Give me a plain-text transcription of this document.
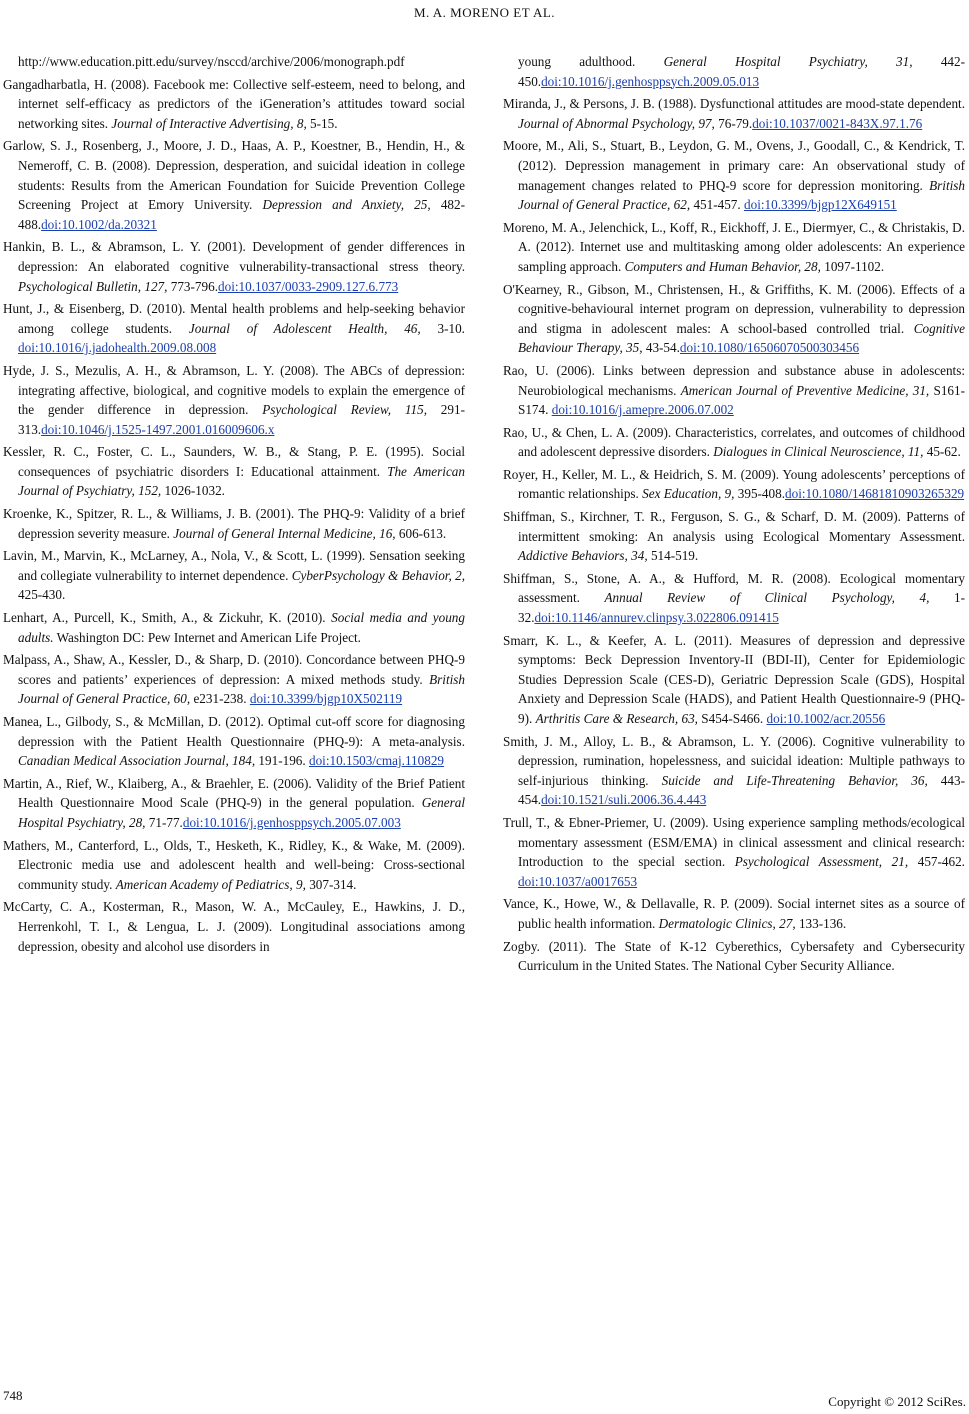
M. A. MORENO ET AL.

http://www.education.pitt.edu/survey/nsccd/archive/2006/monograph.pdf

Gangadharbatla, H. (2008). Facebook me: Collective self-esteem, need to belong, and internet self-efficacy as predictors of the iGeneration’s attitudes toward social networking sites. Journal of Interactive Advertising, 8, 5-15.

Garlow, S. J., Rosenberg, J., Moore, J. D., Haas, A. P., Koestner, B., Hendin, H., & Nemeroff, C. B. (2008). Depression, desperation, and suicidal ideation in college students: Results from the American Foundation for Suicide Prevention College Screening Project at Emory University. Depression and Anxiety, 25, 482-488.doi:10.1002/da.20321

Hankin, B. L., & Abramson, L. Y. (2001). Development of gender differences in depression: An elaborated cognitive vulnerability-transactional stress theory. Psychological Bulletin, 127, 773-796.doi:10.1037/0033-2909.127.6.773

Hunt, J., & Eisenberg, D. (2010). Mental health problems and help-seeking behavior among college students. Journal of Adolescent Health, 46, 3-10. doi:10.1016/j.jadohealth.2009.08.008

Hyde, J. S., Mezulis, A. H., & Abramson, L. Y. (2008). The ABCs of depression: integrating affective, biological, and cognitive models to explain the emergence of the gender difference in depression. Psychological Review, 115, 291-313.doi:10.1046/j.1525-1497.2001.016009606.x

Kessler, R. C., Foster, C. L., Saunders, W. B., & Stang, P. E. (1995). Social consequences of psychiatric disorders I: Educational attainment. The American Journal of Psychiatry, 152, 1026-1032.

Kroenke, K., Spitzer, R. L., & Williams, J. B. (2001). The PHQ-9: Validity of a brief depression severity measure. Journal of General Internal Medicine, 16, 606-613.

Lavin, M., Marvin, K., McLarney, A., Nola, V., & Scott, L. (1999). Sensation seeking and collegiate vulnerability to internet dependence. CyberPsychology & Behavior, 2, 425-430.

Lenhart, A., Purcell, K., Smith, A., & Zickuhr, K. (2010). Social media and young adults. Washington DC: Pew Internet and American Life Project.

Malpass, A., Shaw, A., Kessler, D., & Sharp, D. (2010). Concordance between PHQ-9 scores and patients’ experiences of depression: A mixed methods study. British Journal of General Practice, 60, e231-238. doi:10.3399/bjgp10X502119

Manea, L., Gilbody, S., & McMillan, D. (2012). Optimal cut-off score for diagnosing depression with the Patient Health Questionnaire (PHQ-9): A meta-analysis. Canadian Medical Association Journal, 184, 191-196. doi:10.1503/cmaj.110829

Martin, A., Rief, W., Klaiberg, A., & Braehler, E. (2006). Validity of the Brief Patient Health Questionnaire Mood Scale (PHQ-9) in the general population. General Hospital Psychiatry, 28, 71-77.doi:10.1016/j.genhosppsych.2005.07.003

Mathers, M., Canterford, L., Olds, T., Hesketh, K., Ridley, K., & Wake, M. (2009). Electronic media use and adolescent health and well-being: Cross-sectional community study. American Academy of Pediatrics, 9, 307-314.

McCarty, C. A., Kosterman, R., Mason, W. A., McCauley, E., Hawkins, J. D., Herrenkohl, T. I., & Lengua, L. J. (2009). Longitudinal associations among depression, obesity and alcohol use disorders in

young adulthood. General Hospital Psychiatry, 31, 442-450.doi:10.1016/j.genhosppsych.2009.05.013

Miranda, J., & Persons, J. B. (1988). Dysfunctional attitudes are mood-state dependent. Journal of Abnormal Psychology, 97, 76-79.doi:10.1037/0021-843X.97.1.76

Moore, M., Ali, S., Stuart, B., Leydon, G. M., Ovens, J., Goodall, C., & Kendrick, T. (2012). Depression management in primary care: An observational study of management changes related to PHQ-9 score for depression monitoring. British Journal of General Practice, 62, 451-457. doi:10.3399/bjgp12X649151

Moreno, M. A., Jelenchick, L., Koff, R., Eickhoff, J. E., Diermyer, C., & Christakis, D. A. (2012). Internet use and multitasking among older adolescents: An experience sampling approach. Computers and Human Behavior, 28, 1097-1102.

O'Kearney, R., Gibson, M., Christensen, H., & Griffiths, K. M. (2006). Effects of a cognitive-behavioural internet program on depression, vulnerability to depression and stigma in adolescent males: A school-based controlled trial. Cognitive Behaviour Therapy, 35, 43-54.doi:10.1080/16506070500303456

Rao, U. (2006). Links between depression and substance abuse in adolescents: Neurobiological mechanisms. American Journal of Preventive Medicine, 31, S161-S174. doi:10.1016/j.amepre.2006.07.002

Rao, U., & Chen, L. A. (2009). Characteristics, correlates, and outcomes of childhood and adolescent depressive disorders. Dialogues in Clinical Neuroscience, 11, 45-62.

Royer, H., Keller, M. L., & Heidrich, S. M. (2009). Young adolescents’ perceptions of romantic relationships. Sex Education, 9, 395-408.doi:10.1080/14681810903265329

Shiffman, S., Kirchner, T. R., Ferguson, S. G., & Scharf, D. M. (2009). Patterns of intermittent smoking: An analysis using Ecological Momentary Assessment. Addictive Behaviors, 34, 514-519.

Shiffman, S., Stone, A. A., & Hufford, M. R. (2008). Ecological momentary assessment. Annual Review of Clinical Psychology, 4, 1-32.doi:10.1146/annurev.clinpsy.3.022806.091415

Smarr, K. L., & Keefer, A. L. (2011). Measures of depression and depressive symptoms: Beck Depression Inventory-II (BDI-II), Center for Epidemiologic Studies Depression Scale (CES-D), Geriatric Depression Scale (GDS), Hospital Anxiety and Depression Scale (HADS), and Patient Health Questionnaire-9 (PHQ-9). Arthritis Care & Research, 63, S454-S466. doi:10.1002/acr.20556

Smith, J. M., Alloy, L. B., & Abramson, L. Y. (2006). Cognitive vulnerability to depression, rumination, hopelessness, and suicidal ideation: Multiple pathways to self-injurious thinking. Suicide and Life-Threatening Behavior, 36, 443-454.doi:10.1521/suli.2006.36.4.443

Trull, T., & Ebner-Priemer, U. (2009). Using experience sampling methods/ecological momentary assessment (ESM/EMA) in clinical assessment and clinical research: Introduction to the special section. Psychological Assessment, 21, 457-462. doi:10.1037/a0017653

Vance, K., Howe, W., & Dellavalle, R. P. (2009). Social internet sites as a source of public health information. Dermatologic Clinics, 27, 133-136.

Zogby. (2011). The State of K-12 Cyberethics, Cybersafety and Cybersecurity Curriculum in the United States. The National Cyber Security Alliance.

748	Copyright © 2012 SciRes.
